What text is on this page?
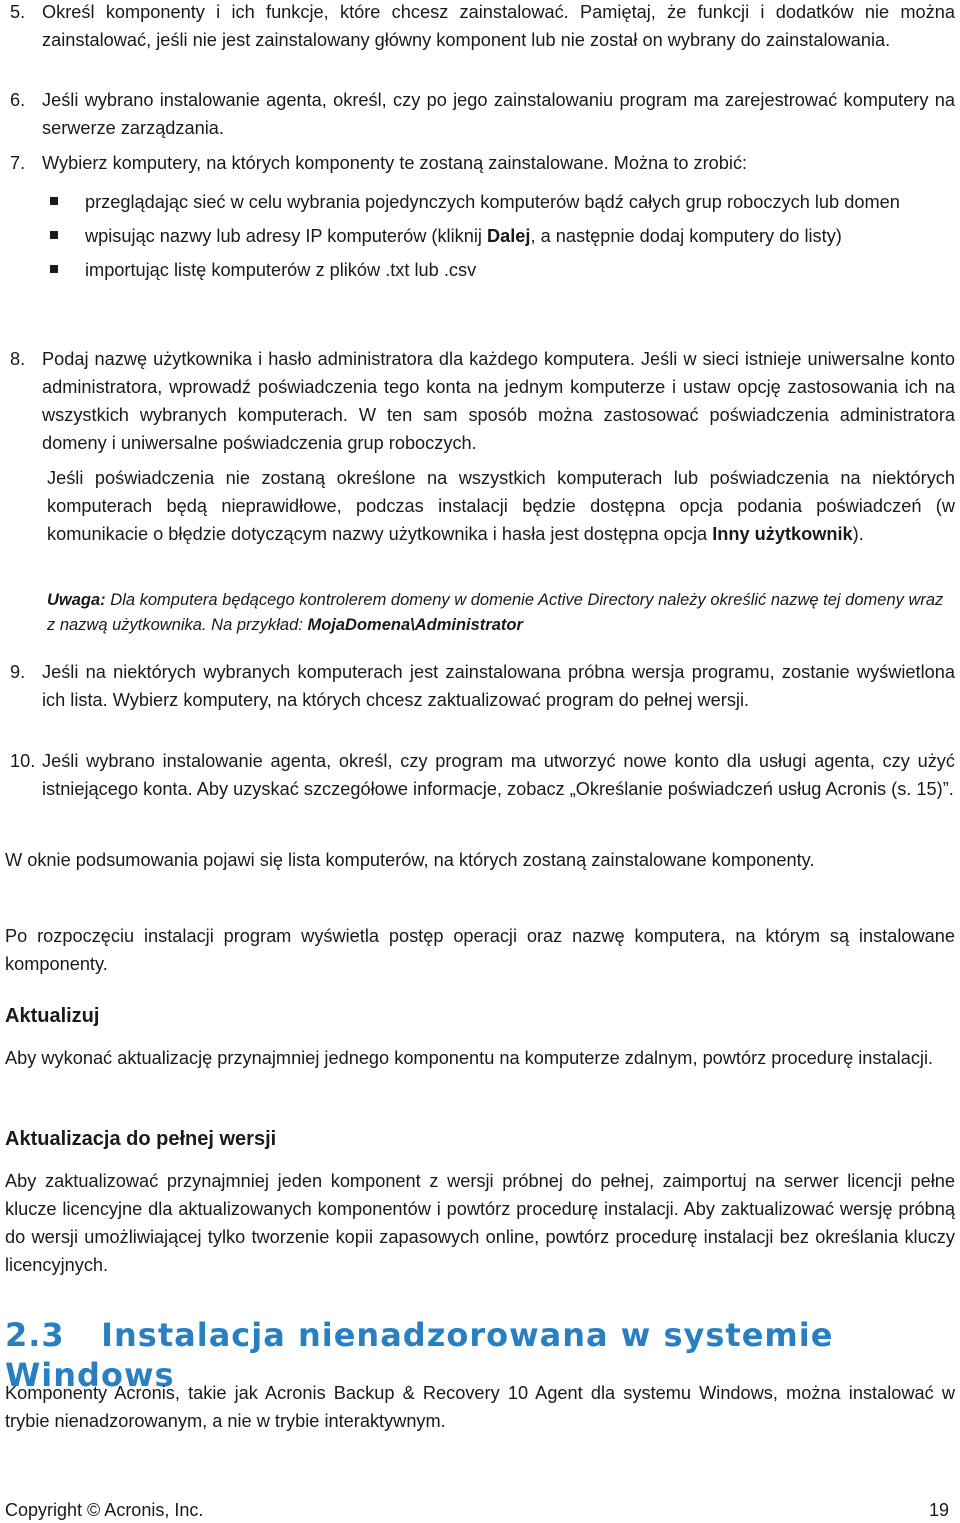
5. Określ komponenty i ich funkcje, które chcesz zainstalować. Pamiętaj, że funkcji i dodatków nie można zainstalować, jeśli nie jest zainstalowany główny komponent lub nie został on wybrany do zainstalowania.

6. Jeśli wybrano instalowanie agenta, określ, czy po jego zainstalowaniu program ma zarejestrować komputery na serwerze zarządzania.

7. Wybierz komputery, na których komponenty te zostaną zainstalowane. Można to zrobić:

przeglądając sieć w celu wybrania pojedynczych komputerów bądź całych grup roboczych lub domen
wpisując nazwy lub adresy IP komputerów (kliknij Dalej, a następnie dodaj komputery do listy)
importując listę komputerów z plików .txt lub .csv

8. Podaj nazwę użytkownika i hasło administratora dla każdego komputera. Jeśli w sieci istnieje uniwersalne konto administratora, wprowadź poświadczenia tego konta na jednym komputerze i ustaw opcję zastosowania ich na wszystkich wybranych komputerach. W ten sam sposób można zastosować poświadczenia administratora domeny i uniwersalne poświadczenia grup roboczych.

Jeśli poświadczenia nie zostaną określone na wszystkich komputerach lub poświadczenia na niektórych komputerach będą nieprawidłowe, podczas instalacji będzie dostępna opcja podania poświadczeń (w komunikacie o błędzie dotyczącym nazwy użytkownika i hasła jest dostępna opcja Inny użytkownik).

Uwaga: Dla komputera będącego kontrolerem domeny w domenie Active Directory należy określić nazwę tej domeny wraz z nazwą użytkownika. Na przykład: MojaDomena\Administrator

9. Jeśli na niektórych wybranych komputerach jest zainstalowana próbna wersja programu, zostanie wyświetlona ich lista. Wybierz komputery, na których chcesz zaktualizować program do pełnej wersji.

10. Jeśli wybrano instalowanie agenta, określ, czy program ma utworzyć nowe konto dla usługi agenta, czy użyć istniejącego konta. Aby uzyskać szczegółowe informacje, zobacz „Określanie poświadczeń usług Acronis (s. 15)”.

W oknie podsumowania pojawi się lista komputerów, na których zostaną zainstalowane komponenty.

Po rozpoczęciu instalacji program wyświetla postęp operacji oraz nazwę komputera, na którym są instalowane komponenty.

Aktualizuj

Aby wykonać aktualizację przynajmniej jednego komponentu na komputerze zdalnym, powtórz procedurę instalacji.

Aktualizacja do pełnej wersji

Aby zaktualizować przynajmniej jeden komponent z wersji próbnej do pełnej, zaimportuj na serwer licencji pełne klucze licencyjne dla aktualizowanych komponentów i powtórz procedurę instalacji. Aby zaktualizować wersję próbną do wersji umożliwiającej tylko tworzenie kopii zapasowych online, powtórz procedurę instalacji bez określania kluczy licencyjnych.

2.3 Instalacja nienadzorowana w systemie Windows

Komponenty Acronis, takie jak Acronis Backup & Recovery 10 Agent dla systemu Windows, można instalować w trybie nienadzorowanym, a nie w trybie interaktywnym.

Copyright © Acronis, Inc.	19
